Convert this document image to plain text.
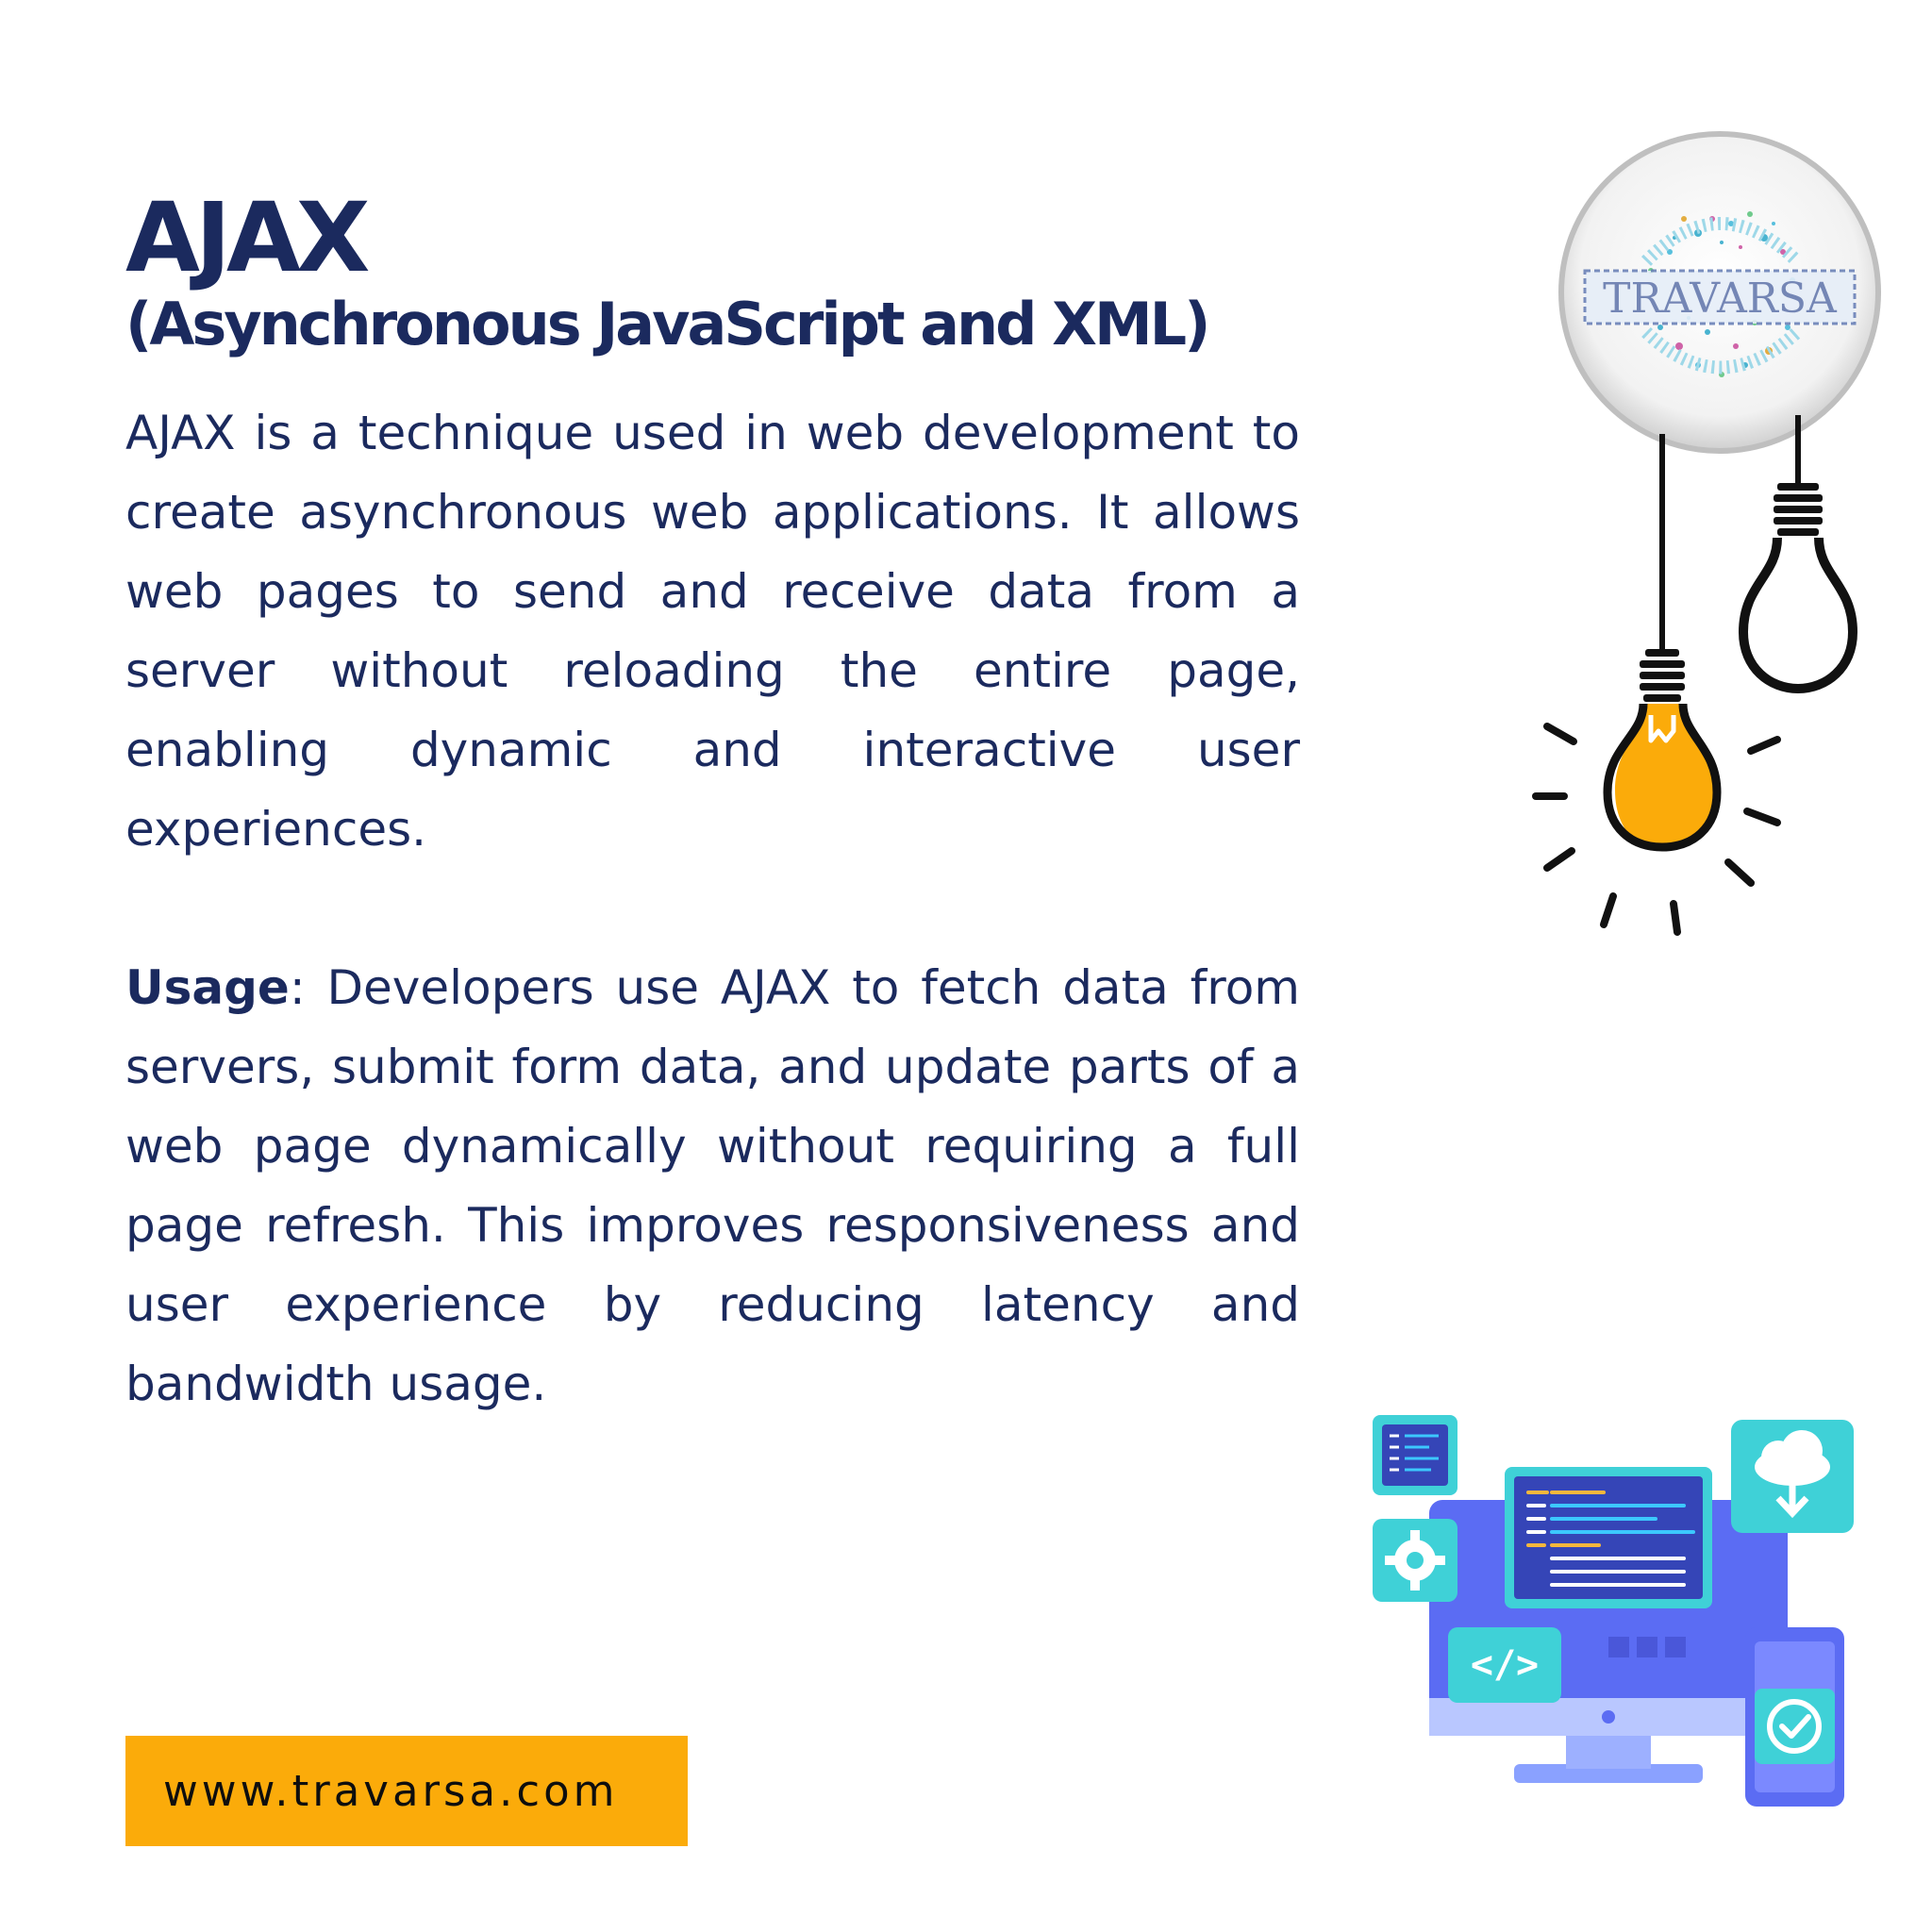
AJAX
(Asynchronous JavaScript and XML)

AJAX is a technique used in web development to create asynchronous web applications. It allows web pages to send and receive data from a server without reloading the entire page, enabling dynamic and interactive user experiences.

Usage: Developers use AJAX to fetch data from servers, submit form data, and update parts of a web page dynamically without requiring a full page refresh. This improves responsiveness and user experience by reducing latency and bandwidth usage.

www.travarsa.com
TRAVARSA
</>
